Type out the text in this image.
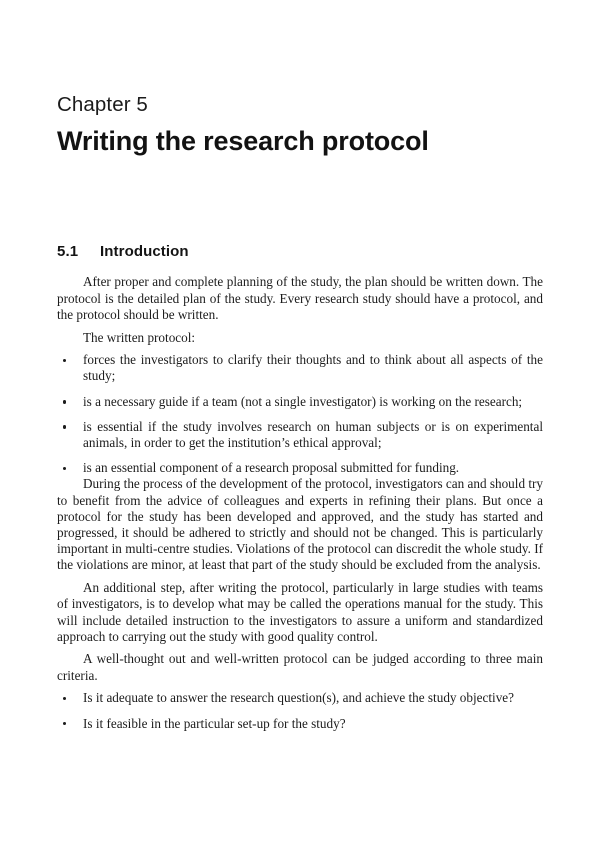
Chapter 5
Writing the research protocol
5.1 Introduction

After proper and complete planning of the study, the plan should be written down. The protocol is the detailed plan of the study. Every research study should have a protocol, and the protocol should be written.

The written protocol:

forces the investigators to clarify their thoughts and to think about all aspects of the study;
is a necessary guide if a team (not a single investigator) is working on the research;
is essential if the study involves research on human subjects or is on experimental animals, in order to get the institution’s ethical approval;
is an essential component of a research proposal submitted for funding.

During the process of the development of the protocol, investigators can and should try to benefit from the advice of colleagues and experts in refining their plans. But once a protocol for the study has been developed and approved, and the study has started and progressed, it should be adhered to strictly and should not be changed. This is particularly important in multi-centre studies. Violations of the protocol can discredit the whole study. If the violations are minor, at least that part of the study should be excluded from the analysis.

An additional step, after writing the protocol, particularly in large studies with teams of investigators, is to develop what may be called the operations manual for the study. This will include detailed instruction to the investigators to assure a uniform and standardized approach to carrying out the study with good quality control.

A well-thought out and well-written protocol can be judged according to three main criteria.

Is it adequate to answer the research question(s), and achieve the study objective?
Is it feasible in the particular set-up for the study?
